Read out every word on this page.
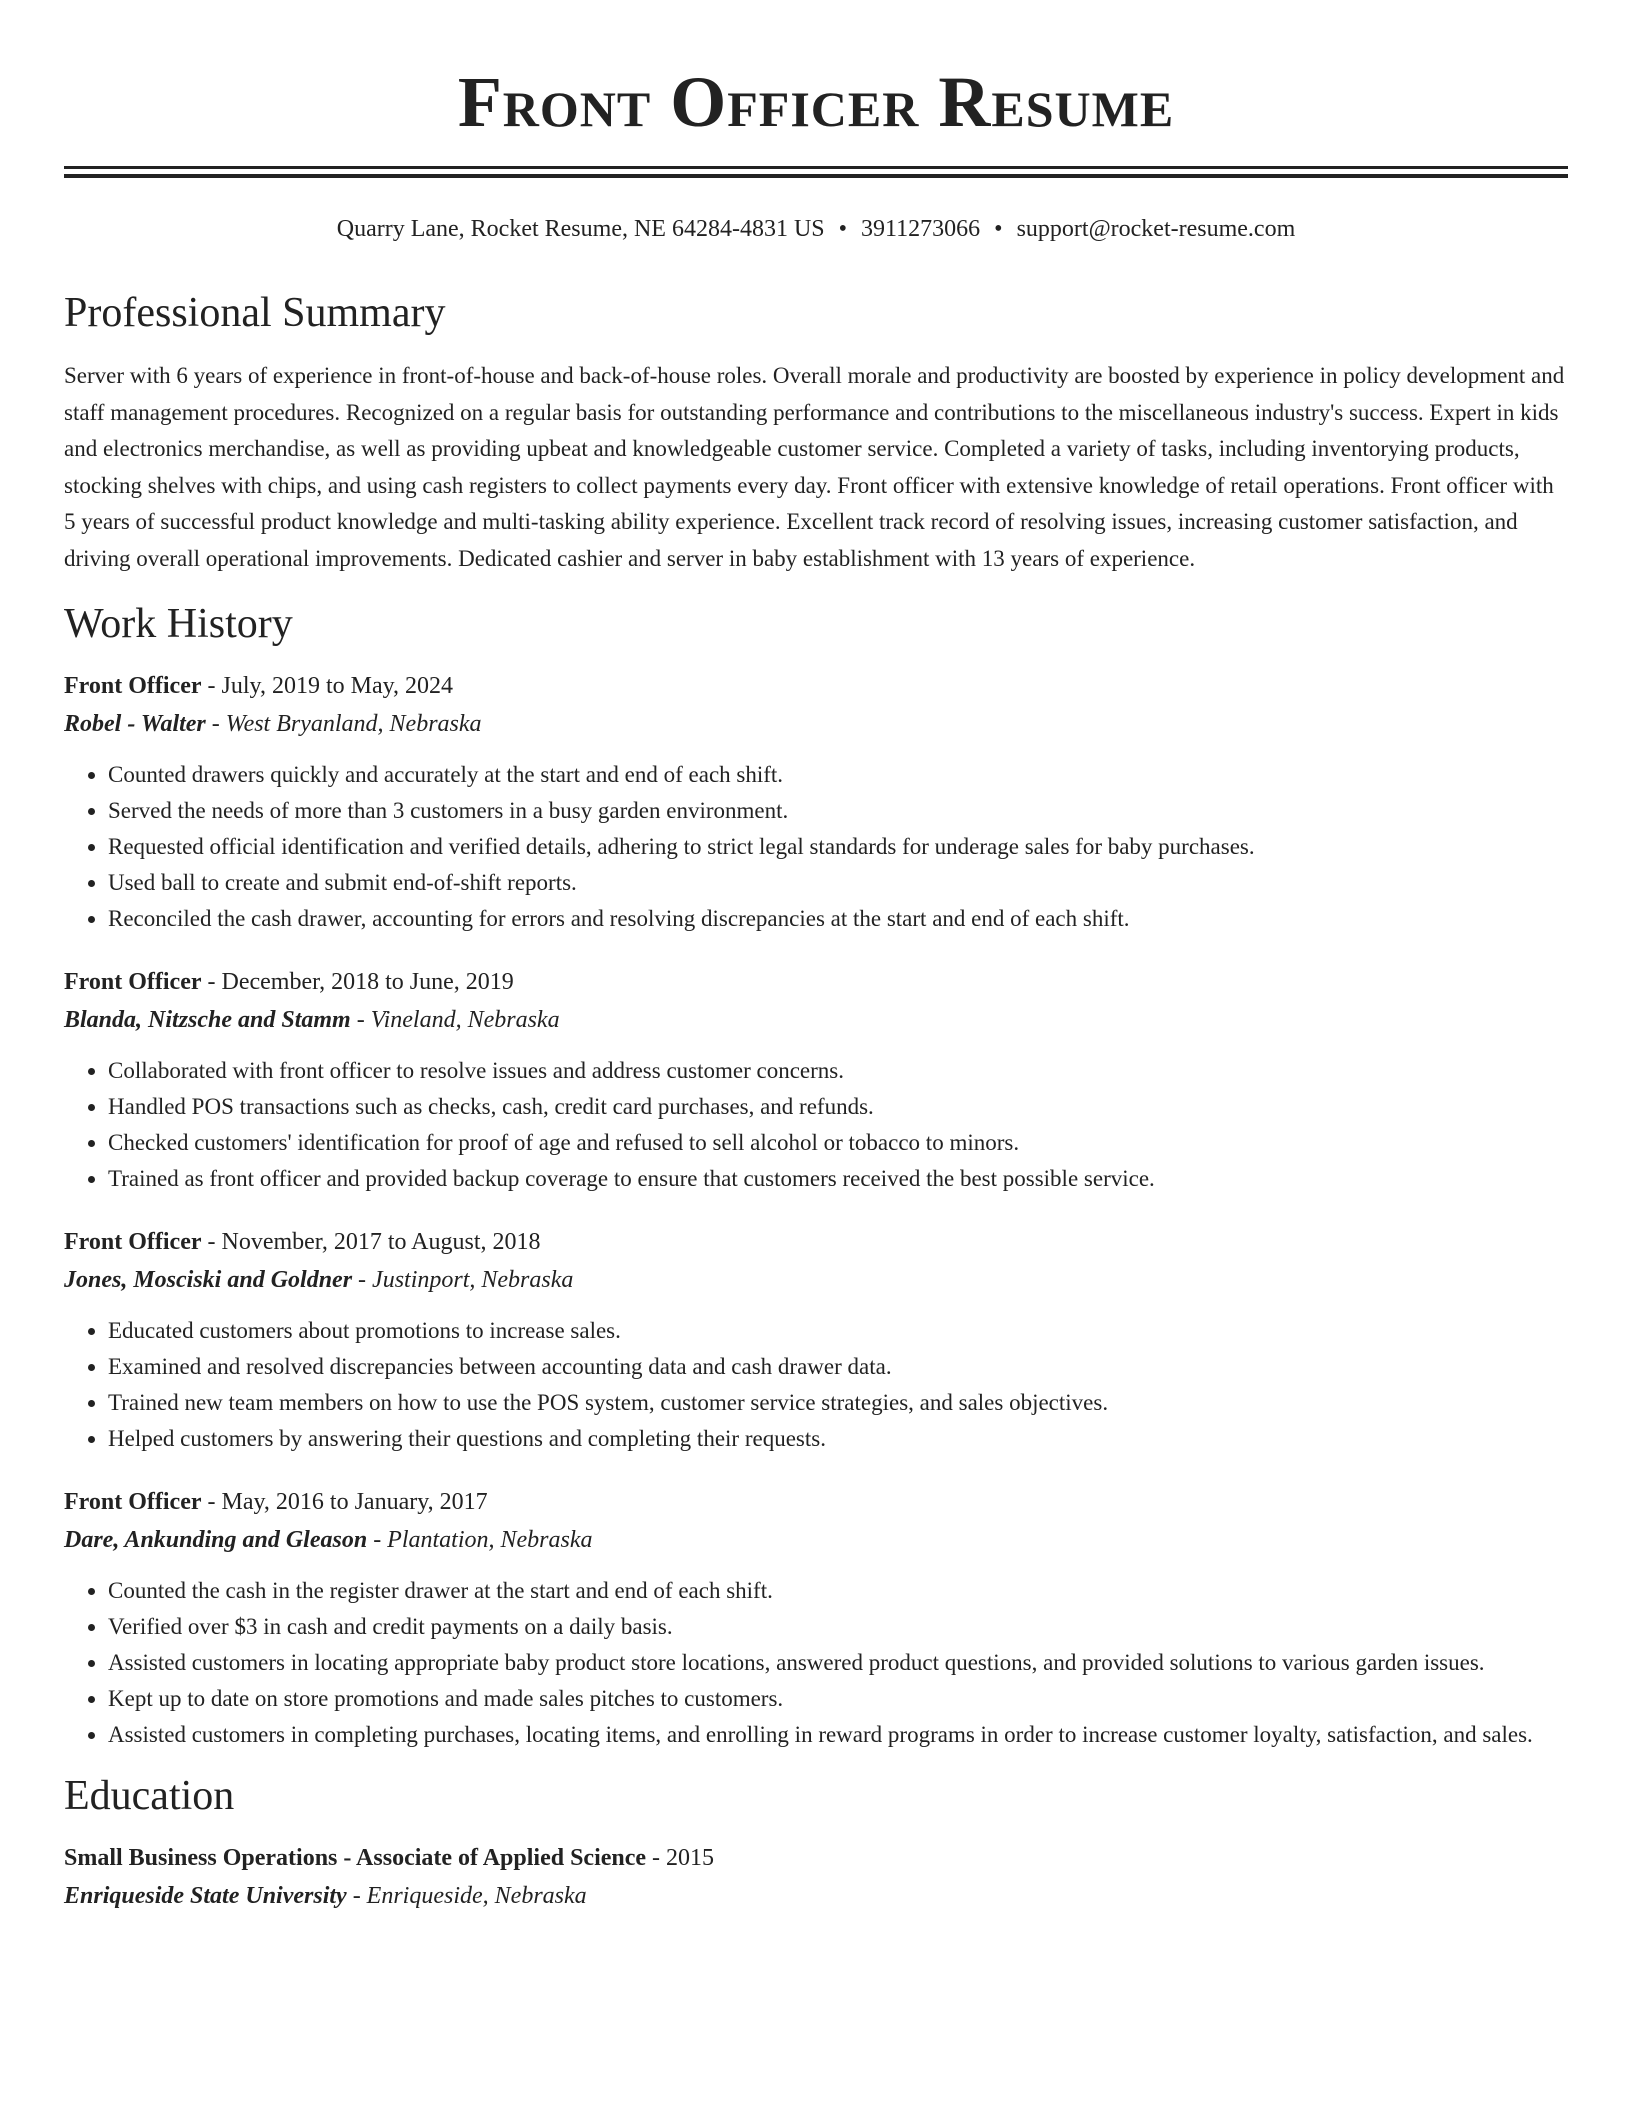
Front Officer Resume
Quarry Lane, Rocket Resume, NE 64284-4831 US • 3911273066 • support@rocket-resume.com
Professional Summary

Server with 6 years of experience in front-of-house and back-of-house roles. Overall morale and productivity are boosted by experience in policy development and staff management procedures. Recognized on a regular basis for outstanding performance and contributions to the miscellaneous industry's success. Expert in kids and electronics merchandise, as well as providing upbeat and knowledgeable customer service. Completed a variety of tasks, including inventorying products, stocking shelves with chips, and using cash registers to collect payments every day. Front officer with extensive knowledge of retail operations. Front officer with 5 years of successful product knowledge and multi-tasking ability experience. Excellent track record of resolving issues, increasing customer satisfaction, and driving overall operational improvements. Dedicated cashier and server in baby establishment with 13 years of experience.

Work History

Front Officer - July, 2019 to May, 2024

Robel - Walter - West Bryanland, Nebraska

• Counted drawers quickly and accurately at the start and end of each shift.
• Served the needs of more than 3 customers in a busy garden environment.
• Requested official identification and verified details, adhering to strict legal standards for underage sales for baby purchases.
• Used ball to create and submit end-of-shift reports.
• Reconciled the cash drawer, accounting for errors and resolving discrepancies at the start and end of each shift.

Front Officer - December, 2018 to June, 2019

Blanda, Nitzsche and Stamm - Vineland, Nebraska

• Collaborated with front officer to resolve issues and address customer concerns.
• Handled POS transactions such as checks, cash, credit card purchases, and refunds.
• Checked customers' identification for proof of age and refused to sell alcohol or tobacco to minors.
• Trained as front officer and provided backup coverage to ensure that customers received the best possible service.

Front Officer - November, 2017 to August, 2018

Jones, Mosciski and Goldner - Justinport, Nebraska

• Educated customers about promotions to increase sales.
• Examined and resolved discrepancies between accounting data and cash drawer data.
• Trained new team members on how to use the POS system, customer service strategies, and sales objectives.
• Helped customers by answering their questions and completing their requests.

Front Officer - May, 2016 to January, 2017

Dare, Ankunding and Gleason - Plantation, Nebraska

• Counted the cash in the register drawer at the start and end of each shift.
• Verified over $3 in cash and credit payments on a daily basis.
• Assisted customers in locating appropriate baby product store locations, answered product questions, and provided solutions to various garden issues.
• Kept up to date on store promotions and made sales pitches to customers.
• Assisted customers in completing purchases, locating items, and enrolling in reward programs in order to increase customer loyalty, satisfaction, and sales.
Education

Small Business Operations - Associate of Applied Science - 2015

Enriqueside State University - Enriqueside, Nebraska
